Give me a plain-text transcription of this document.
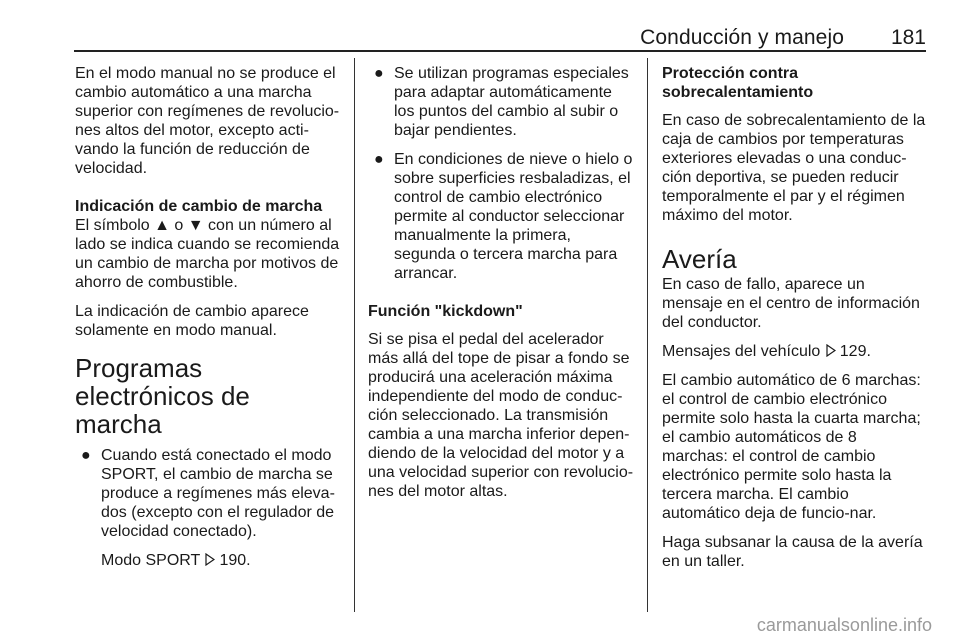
Conducción y manejo 181

En el modo manual no se produce el cambio automático a una marcha superior con regímenes de revolucio-nes altos del motor, excepto acti-vando la función de reducción de velocidad.

Indicación de cambio de marcha

El símbolo ▲ o ▼ con un número al lado se indica cuando se recomienda un cambio de marcha por motivos de ahorro de combustible.

La indicación de cambio aparece solamente en modo manual.

Programas electrónicos de marcha

● Cuando está conectado el modo SPORT, el cambio de marcha se produce a regímenes más eleva-dos (excepto con el regulador de velocidad conectado).

Modo SPORT 190.

● Se utilizan programas especiales para adaptar automáticamente los puntos del cambio al subir o bajar pendientes.

● En condiciones de nieve o hielo o sobre superficies resbaladizas, el control de cambio electrónico permite al conductor seleccionar manualmente la primera, segunda o tercera marcha para arrancar.

Función "kickdown"

Si se pisa el pedal del acelerador más allá del tope de pisar a fondo se producirá una aceleración máxima independiente del modo de conduc-ción seleccionado. La transmisión cambia a una marcha inferior depen-diendo de la velocidad del motor y a una velocidad superior con revolucio-nes del motor altas.

Protección contra sobrecalentamiento

En caso de sobrecalentamiento de la caja de cambios por temperaturas exteriores elevadas o una conduc-ción deportiva, se pueden reducir temporalmente el par y el régimen máximo del motor.

Avería

En caso de fallo, aparece un mensaje en el centro de información del conductor.

Mensajes del vehículo 129.

El cambio automático de 6 marchas: el control de cambio electrónico permite solo hasta la cuarta marcha; el cambio automáticos de 8 marchas: el control de cambio electrónico permite solo hasta la tercera marcha. El cambio automático deja de funcio-nar.

Haga subsanar la causa de la avería en un taller.

carmanualsonline.info
